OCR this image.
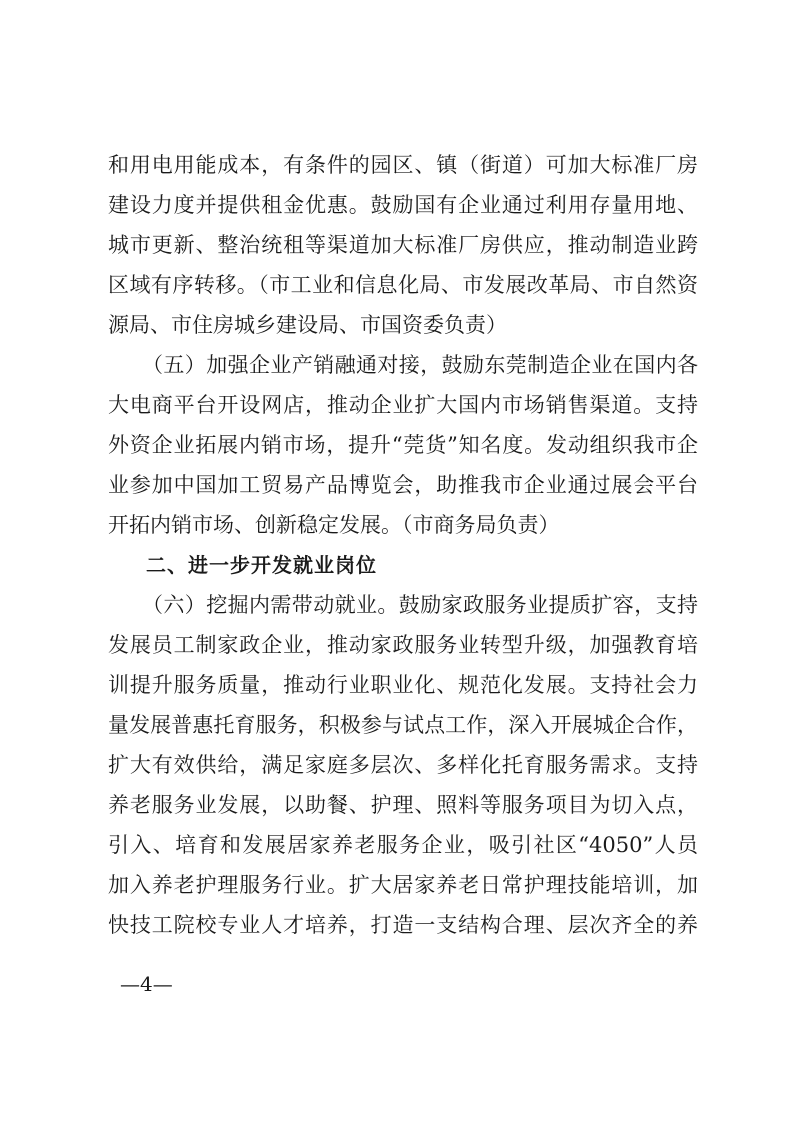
和用电用能成本，有条件的园区、镇（街道）可加大标准厂房
建设力度并提供租金优惠。鼓励国有企业通过利用存量用地、
城市更新、整治统租等渠道加大标准厂房供应，推动制造业跨
区域有序转移。（市工业和信息化局、市发展改革局、市自然资
源局、市住房城乡建设局、市国资委负责）
（五）加强企业产销融通对接，鼓励东莞制造企业在国内各
大电商平台开设网店，推动企业扩大国内市场销售渠道。支持
外资企业拓展内销市场，提升“莞货”知名度。发动组织我市企
业参加中国加工贸易产品博览会，助推我市企业通过展会平台
开拓内销市场、创新稳定发展。（市商务局负责）
二、进一步开发就业岗位
（六）挖掘内需带动就业。鼓励家政服务业提质扩容，支持
发展员工制家政企业，推动家政服务业转型升级，加强教育培
训提升服务质量，推动行业职业化、规范化发展。支持社会力
量发展普惠托育服务，积极参与试点工作，深入开展城企合作，
扩大有效供给，满足家庭多层次、多样化托育服务需求。支持
养老服务业发展，以助餐、护理、照料等服务项目为切入点，
引入、培育和发展居家养老服务企业，吸引社区“4050”人员
加入养老护理服务行业。扩大居家养老日常护理技能培训，加
快技工院校专业人才培养，打造一支结构合理、层次齐全的养
—4—
